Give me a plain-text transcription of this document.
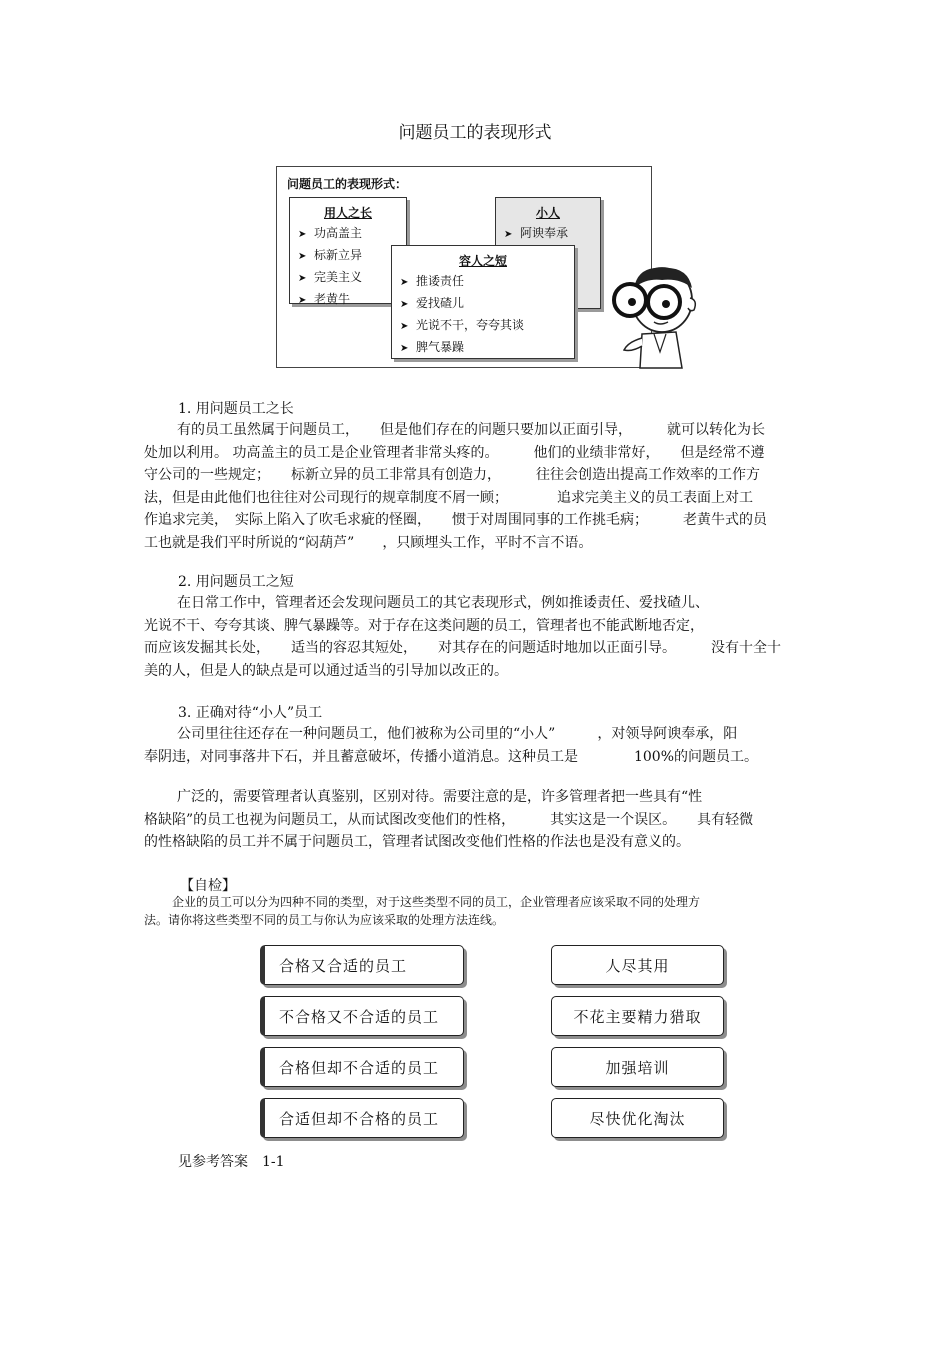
问题员工的表现形式
问题员工的表现形式：
用人之长
➤ 功高盖主
➤ 标新立异
➤ 完美主义
➤ 老黄牛
小人
➤ 阿谀奉承
容人之短
➤ 推诿责任
➤ 爱找碴儿
➤ 光说不干，夸夸其谈
➤ 脾气暴躁
1. 用问题员工之长
有的员工虽然属于问题员工，　　但是他们存在的问题只要加以正面引导，　　　就可以转化为长
处加以利用。 功高盖主的员工是企业管理者非常头疼的。　　　他们的业绩非常好，　　但是经常不遵
守公司的一些规定；　　标新立异的员工非常具有创造力，　　　往往会创造出提高工作效率的工作方
法，但是由此他们也往往对公司现行的规章制度不屑一顾；　　　　追求完美主义的员工表面上对工
作追求完美，　实际上陷入了吹毛求疵的怪圈，　　惯于对周围同事的工作挑毛病；　　　老黄牛式的员
工也就是我们平时所说的“闷葫芦”　　，只顾埋头工作，平时不言不语。
2. 用问题员工之短
在日常工作中，管理者还会发现问题员工的其它表现形式，例如推诿责任、爱找碴儿、
光说不干、夸夸其谈、脾气暴躁等。对于存在这类问题的员工，管理者也不能武断地否定，
而应该发掘其长处，　　适当的容忍其短处，　　对其存在的问题适时地加以正面引导。　　　没有十全十
美的人，但是人的缺点是可以通过适当的引导加以改正的。
3. 正确对待“小人”员工
公司里往往还存在一种问题员工，他们被称为公司里的“小人”　　　，对领导阿谀奉承，阳
奉阴违，对同事落井下石，并且蓄意破坏，传播小道消息。这种员工是　　　　100%的问题员工。
广泛的，需要管理者认真鉴别，区别对待。需要注意的是，许多管理者把一些具有“性
格缺陷”的员工也视为问题员工，从而试图改变他们的性格，　　　其实这是一个误区。　　具有轻微
的性格缺陷的员工并不属于问题员工，管理者试图改变他们性格的作法也是没有意义的。
【自检】
企业的员工可以分为四种不同的类型，对于这些类型不同的员工，企业管理者应该采取不同的处理方
法。请你将这些类型不同的员工与你认为应该采取的处理方法连线。
合格又合适的员工
不合格又不合适的员工
合格但却不合适的员工
合适但却不合格的员工
人尽其用
不花主要精力猎取
加强培训
尽快优化淘汰
见参考答案　1-1
